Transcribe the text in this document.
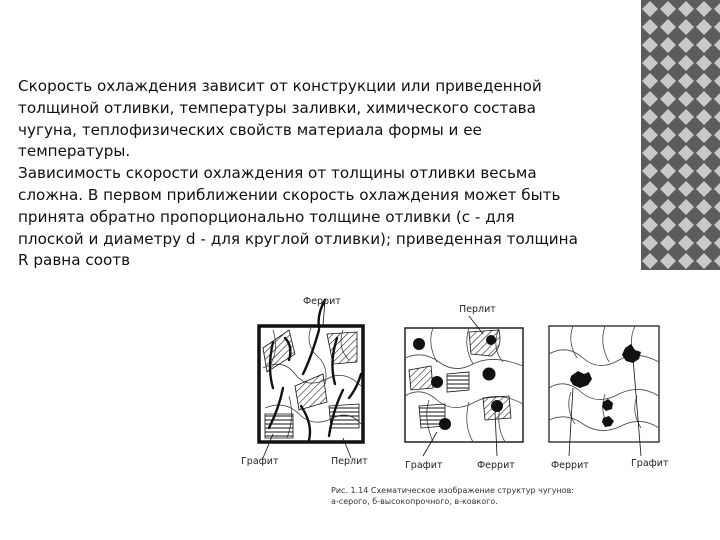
Скорость охлаждения зависит от конструкции или приведенной толщиной отливки, температуры заливки, химического состава чугуна, теплофизических свойств материала формы и ее температуры.

Зависимость скорости охлаждения от толщины отливки весьма сложна. В первом приближении скорость охлаждения может быть принята обратно пропорционально толщине отливки (с - для плоской и диаметру d - для круглой отливки); приведенная толщина R равна соотв

Феррит
Перлит
Графит	Перлит	Графит	Феррит	Феррит	Графит
Рис. 1.14 Схематическое изображение структур чугунов:
а-серого, б-высокопрочного, в-ковкого.
